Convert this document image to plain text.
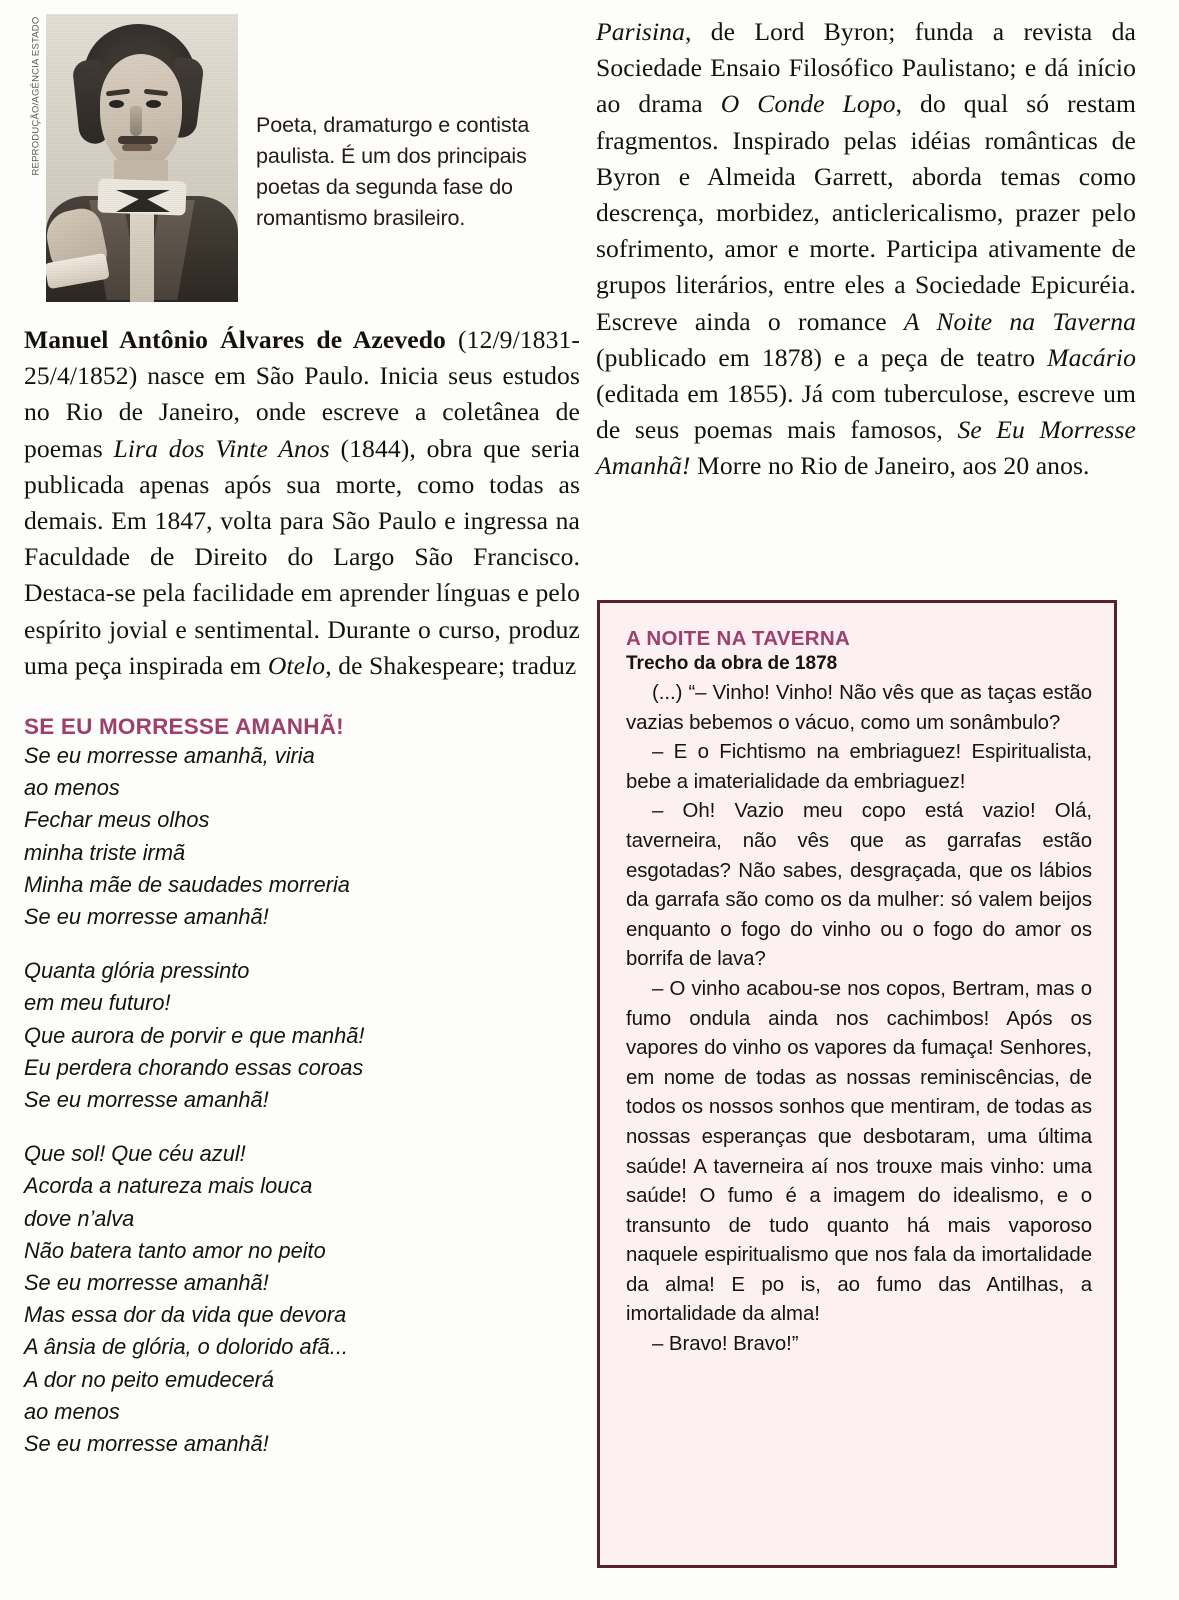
REPRODUÇÃO/AGÊNCIA ESTADO	Poeta, dramaturgo e contista paulista. É um dos principais poetas da segunda fase do romantismo brasileiro.
Manuel Antônio Álvares de Azevedo (12/9/1831-25/4/1852) nasce em São Paulo. Inicia seus estudos no Rio de Janeiro, onde escreve a coletânea de poemas Lira dos Vinte Anos (1844), obra que seria publicada apenas após sua morte, como todas as demais. Em 1847, volta para São Paulo e ingressa na Faculdade de Direito do Largo São Francisco. Destaca-se pela facilidade em aprender línguas e pelo espírito jovial e sentimental. Durante o curso, produz uma peça inspirada em Otelo, de Shakespeare; traduz
SE EU MORRESSE AMANHÃ!
Se eu morresse amanhã, viria
ao menos
Fechar meus olhos
minha triste irmã
Minha mãe de saudades morreria
Se eu morresse amanhã!
Quanta glória pressinto
em meu futuro!
Que aurora de porvir e que manhã!
Eu perdera chorando essas coroas
Se eu morresse amanhã!
Que sol! Que céu azul!
Acorda a natureza mais louca
dove n’alva
Não batera tanto amor no peito
Se eu morresse amanhã!
Mas essa dor da vida que devora
A ânsia de glória, o dolorido afã...
A dor no peito emudecerá
ao menos
Se eu morresse amanhã!
Parisina, de Lord Byron; funda a revista da Sociedade Ensaio Filosófico Paulistano; e dá início ao drama O Conde Lopo, do qual só restam fragmentos. Inspirado pelas idéias românticas de Byron e Almeida Garrett, aborda temas como descrença, morbidez, anticlericalismo, prazer pelo sofrimento, amor e morte. Participa ativamente de grupos literários, entre eles a Sociedade Epicuréia. Escreve ainda o romance A Noite na Taverna (publicado em 1878) e a peça de teatro Macário (editada em 1855). Já com tuberculose, escreve um de seus poemas mais famosos, Se Eu Morresse Amanhã! Morre no Rio de Janeiro, aos 20 anos.
A NOITE NA TAVERNA
Trecho da obra de 1878

(...) “– Vinho! Vinho! Não vês que as taças estão vazias bebemos o vácuo, como um sonâmbulo?

– E o Fichtismo na embriaguez! Espiritualista, bebe a imaterialidade da embriaguez!

– Oh! Vazio meu copo está vazio! Olá, taverneira, não vês que as garrafas estão esgotadas? Não sabes, desgraçada, que os lábios da garrafa são como os da mulher: só valem beijos enquanto o fogo do vinho ou o fogo do amor os borrifa de lava?

– O vinho acabou-se nos copos, Bertram, mas o fumo ondula ainda nos cachimbos! Após os vapores do vinho os vapores da fumaça! Senhores, em nome de todas as nossas reminiscências, de todos os nossos sonhos que mentiram, de todas as nossas esperanças que desbotaram, uma última saúde! A taverneira aí nos trouxe mais vinho: uma saúde! O fumo é a imagem do idealismo, e o transunto de tudo quanto há mais vaporoso naquele espiritualismo que nos fala da imortalidade da alma! E po is, ao fumo das Antilhas, a imortalidade da alma!

– Bravo! Bravo!”
